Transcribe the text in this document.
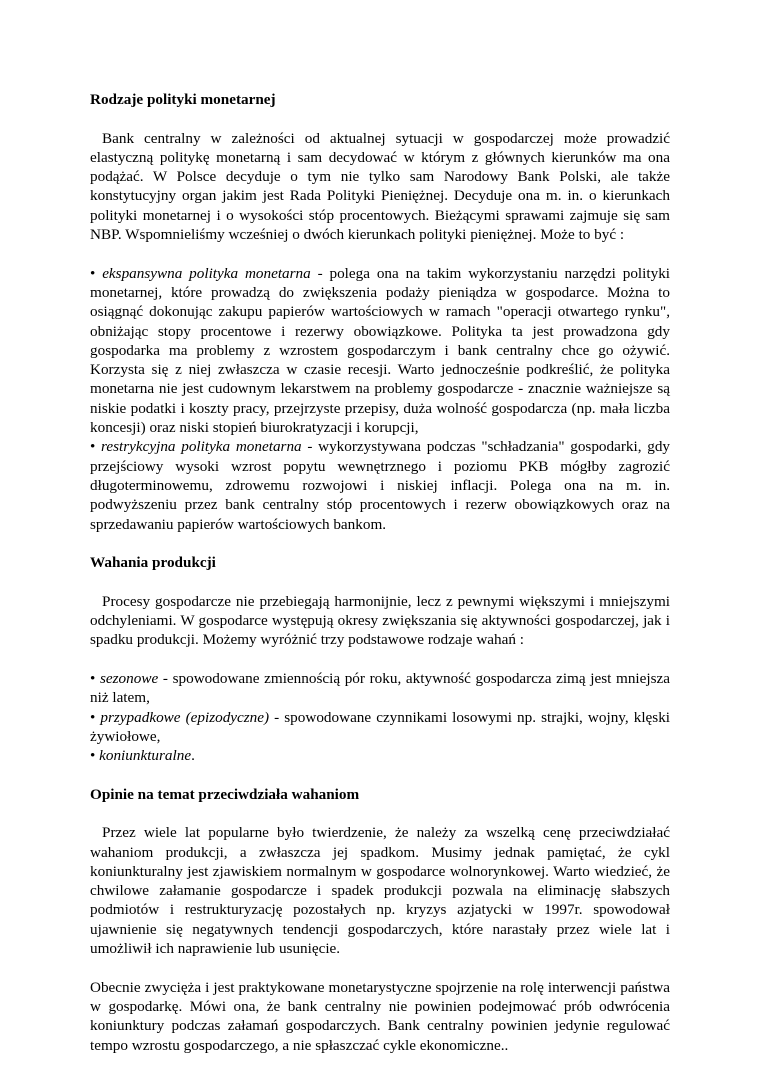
Rodzaje polityki monetarnej

Bank centralny w zależności od aktualnej sytuacji w gospodarczej może prowadzić elastyczną politykę monetarną i sam decydować w którym z głównych kierunków ma ona podążać. W Polsce decyduje o tym nie tylko sam Narodowy Bank Polski, ale także konstytucyjny organ jakim jest Rada Polityki Pieniężnej. Decyduje ona m. in. o kierunkach polityki monetarnej i o wysokości stóp procentowych. Bieżącymi sprawami zajmuje się sam NBP. Wspomnieliśmy wcześniej o dwóch kierunkach polityki pieniężnej. Może to być :

• ekspansywna polityka monetarna - polega ona na takim wykorzystaniu narzędzi polityki monetarnej, które prowadzą do zwiększenia podaży pieniądza w gospodarce. Można to osiągnąć dokonując zakupu papierów wartościowych w ramach "operacji otwartego rynku", obniżając stopy procentowe i rezerwy obowiązkowe. Polityka ta jest prowadzona gdy gospodarka ma problemy z wzrostem gospodarczym i bank centralny chce go ożywić. Korzysta się z niej zwłaszcza w czasie recesji. Warto jednocześnie podkreślić, że polityka monetarna nie jest cudownym lekarstwem na problemy gospodarcze - znacznie ważniejsze są niskie podatki i koszty pracy, przejrzyste przepisy, duża wolność gospodarcza (np. mała liczba koncesji) oraz niski stopień biurokratyzacji i korupcji,

• restrykcyjna polityka monetarna - wykorzystywana podczas "schładzania" gospodarki, gdy przejściowy wysoki wzrost popytu wewnętrznego i poziomu PKB mógłby zagrozić długoterminowemu, zdrowemu rozwojowi i niskiej inflacji. Polega ona na m. in. podwyższeniu przez bank centralny stóp procentowych i rezerw obowiązkowych oraz na sprzedawaniu papierów wartościowych bankom.

Wahania produkcji

Procesy gospodarcze nie przebiegają harmonijnie, lecz z pewnymi większymi i mniejszymi odchyleniami. W gospodarce występują okresy zwiększania się aktywności gospodarczej, jak i spadku produkcji. Możemy wyróżnić trzy podstawowe rodzaje wahań :

• sezonowe - spowodowane zmiennością pór roku, aktywność gospodarcza zimą jest mniejsza niż latem,

• przypadkowe (epizodyczne) - spowodowane czynnikami losowymi np. strajki, wojny, klęski żywiołowe,

• koniunkturalne.

Opinie na temat przeciwdziała wahaniom

Przez wiele lat popularne było twierdzenie, że należy za wszelką cenę przeciwdziałać wahaniom produkcji, a zwłaszcza jej spadkom. Musimy jednak pamiętać, że cykl koniunkturalny jest zjawiskiem normalnym w gospodarce wolnorynkowej. Warto wiedzieć, że chwilowe załamanie gospodarcze i spadek produkcji pozwala na eliminację słabszych podmiotów i restrukturyzację pozostałych np. kryzys azjatycki w 1997r. spowodował ujawnienie się negatywnych tendencji gospodarczych, które narastały przez wiele lat i umożliwił ich naprawienie lub usunięcie.

Obecnie zwycięża i jest praktykowane monetarystyczne spojrzenie na rolę interwencji państwa w gospodarkę. Mówi ona, że bank centralny nie powinien podejmować prób odwrócenia koniunktury podczas załamań gospodarczych. Bank centralny powinien jedynie regulować tempo wzrostu gospodarczego, a nie spłaszczać cykle ekonomiczne..
